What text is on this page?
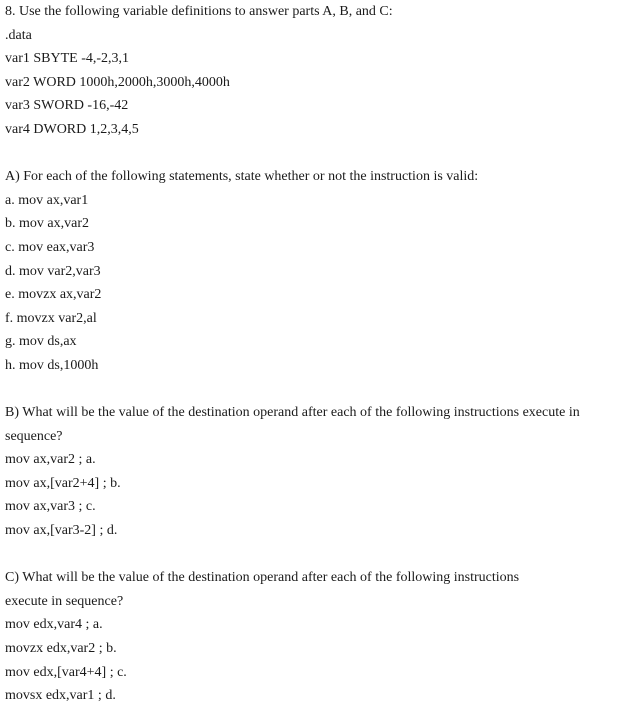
8. Use the following variable definitions to answer parts A, B, and C:
.data
var1 SBYTE -4,-2,3,1
var2 WORD 1000h,2000h,3000h,4000h
var3 SWORD -16,-42
var4 DWORD 1,2,3,4,5
A) For each of the following statements, state whether or not the instruction is valid:
a. mov ax,var1
b. mov ax,var2
c. mov eax,var3
d. mov var2,var3
e. movzx ax,var2
f. movzx var2,al
g. mov ds,ax
h. mov ds,1000h
B) What will be the value of the destination operand after each of the following instructions execute in
sequence?
mov ax,var2 ; a.
mov ax,[var2+4] ; b.
mov ax,var3 ; c.
mov ax,[var3-2] ; d.
C) What will be the value of the destination operand after each of the following instructions
execute in sequence?
mov edx,var4 ; a.
movzx edx,var2 ; b.
mov edx,[var4+4] ; c.
movsx edx,var1 ; d.
